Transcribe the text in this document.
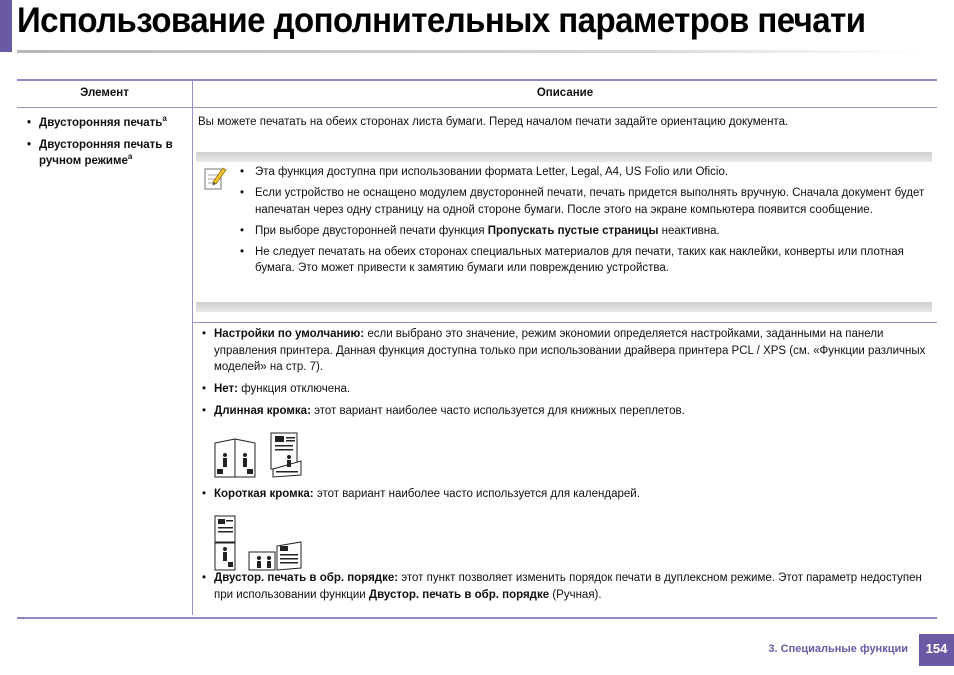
Использование дополнительных параметров печати
Элемент	Описание
• Двусторонняя печать$^a$
• Двусторонняя печать в ручном режиме$^a$
Вы можете печатать на обеих сторонах листа бумаги. Перед началом печати задайте ориентацию документа.
• Эта функция доступна при использовании формата Letter, Legal, A4, US Folio или Oficio.
• Если устройство не оснащено модулем двусторонней печати, печать придется выполнять вручную. Сначала документ будет напечатан через одну страницу на одной стороне бумаги. После этого на экране компьютера появится сообщение.
• При выборе двусторонней печати функция Пропускать пустые страницы неактивна.
• Не следует печатать на обеих сторонах специальных материалов для печати, таких как наклейки, конверты или плотная бумага. Это может привести к замятию бумаги или повреждению устройства.
• Настройки по умолчанию: если выбрано это значение, режим экономии определяется настройками, заданными на панели управления принтера. Данная функция доступна только при использовании драйвера принтера PCL / XPS (см. «Функции различных моделей» на стр. 7).
• Нет: функция отключена.
• Длинная кромка: этот вариант наиболее часто используется для книжных переплетов.
• Короткая кромка: этот вариант наиболее часто используется для календарей.
• Двустор. печать в обр. порядке: этот пункт позволяет изменить порядок печати в дуплексном режиме. Этот параметр недоступен при использовании функции Двустор. печать в обр. порядке (Ручная).
3. Специальные функции	154
